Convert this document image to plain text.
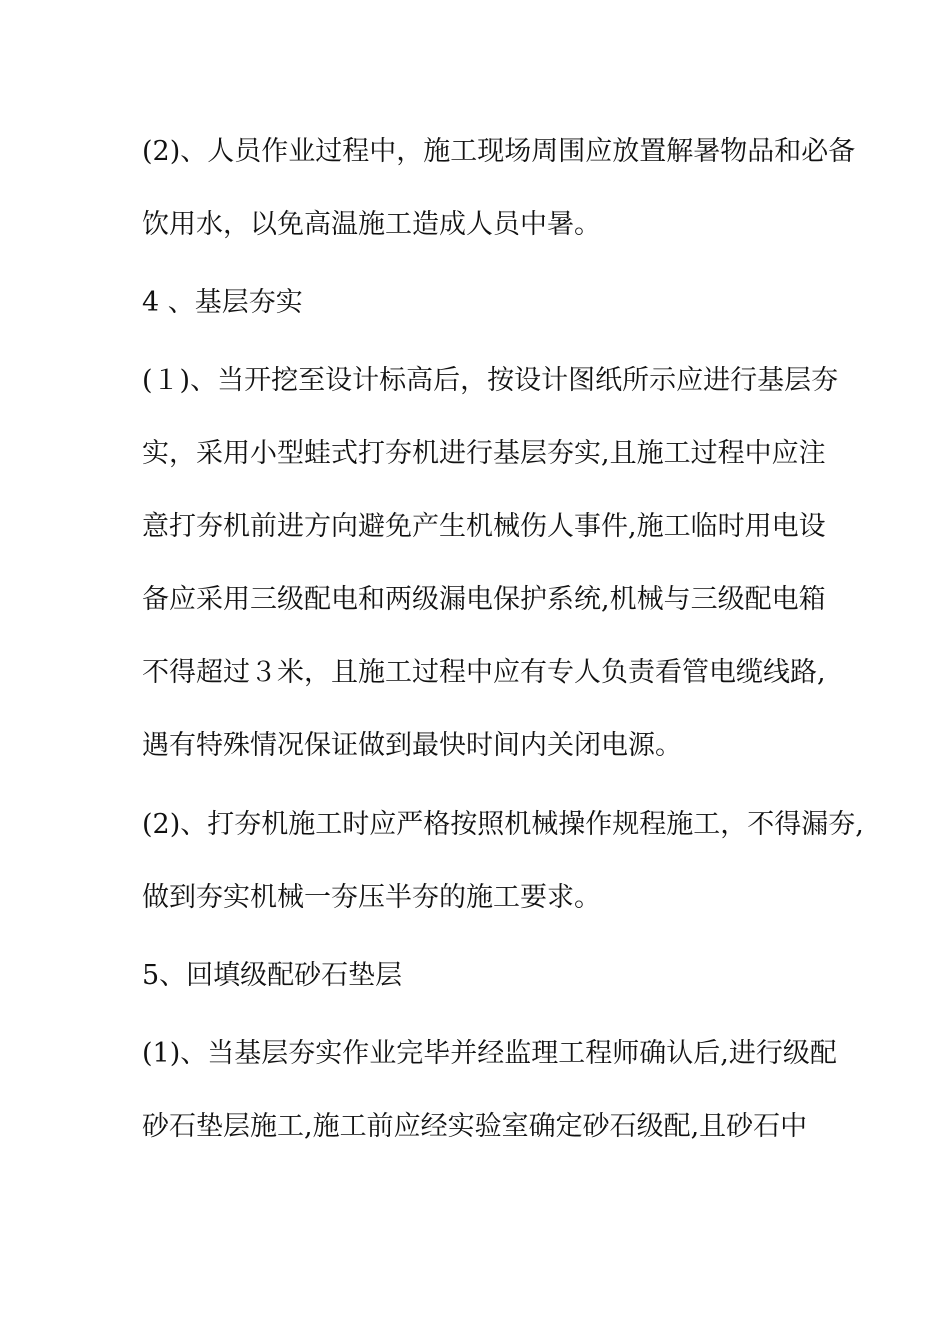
(2)、人员作业过程中，施工现场周围应放置解暑物品和必备

饮用水，以免高温施工造成人员中暑。

4 、基层夯实

(１)、当开挖至设计标高后，按设计图纸所示应进行基层夯

实，采用小型蛙式打夯机进行基层夯实,且施工过程中应注

意打夯机前进方向避免产生机械伤人事件,施工临时用电设

备应采用三级配电和两级漏电保护系统,机械与三级配电箱

不得超过３米，且施工过程中应有专人负责看管电缆线路,

遇有特殊情况保证做到最快时间内关闭电源。

(2)、打夯机施工时应严格按照机械操作规程施工，不得漏夯,

做到夯实机械一夯压半夯的施工要求。

5、回填级配砂石垫层

(1)、当基层夯实作业完毕并经监理工程师确认后,进行级配

砂石垫层施工,施工前应经实验室确定砂石级配,且砂石中
